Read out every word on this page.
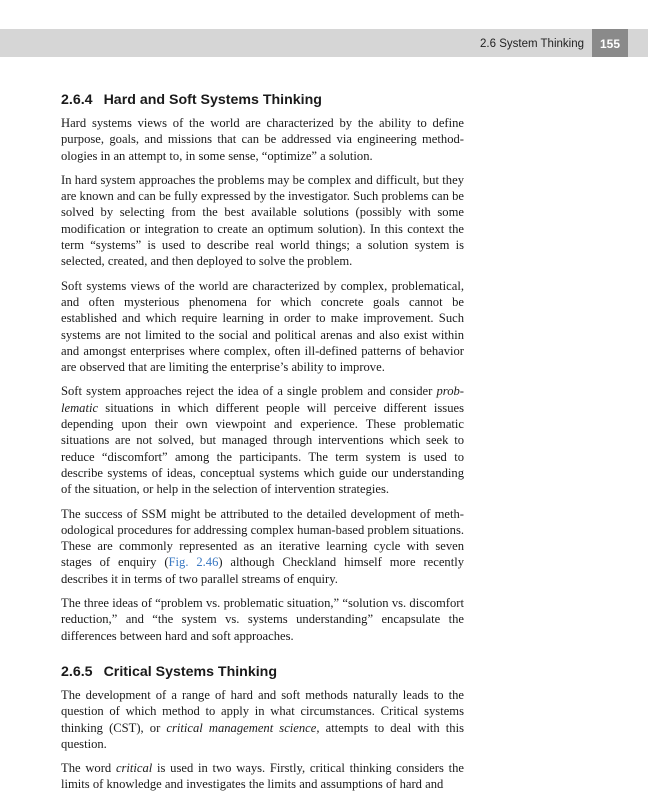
2.6 System Thinking	155
2.6.4 Hard and Soft Systems Thinking

Hard systems views of the world are characterized by the ability to define purpose, goals, and missions that can be addressed via engineering methodologies in an attempt to, in some sense, “optimize” a solution.

In hard system approaches the problems may be complex and difficult, but they are known and can be fully expressed by the investigator. Such problems can be solved by selecting from the best available solutions (possibly with some modification or integration to create an optimum solution). In this context the term “systems” is used to describe real world things; a solution system is selected, created, and then deployed to solve the problem.

Soft systems views of the world are characterized by complex, problematical, and often mysterious phenomena for which concrete goals cannot be established and which require learning in order to make improvement. Such systems are not limited to the social and political arenas and also exist within and amongst enterprises where complex, often ill-defined patterns of behavior are observed that are limiting the enterprise’s ability to improve.

Soft system approaches reject the idea of a single problem and consider problematic situations in which different people will perceive different issues depending upon their own viewpoint and experience. These problematic situations are not solved, but managed through interventions which seek to reduce “discomfort” among the participants. The term system is used to describe systems of ideas, conceptual systems which guide our understanding of the situation, or help in the selection of intervention strategies.

The success of SSM might be attributed to the detailed development of methodological procedures for addressing complex human-based problem situations. These are commonly represented as an iterative learning cycle with seven stages of enquiry (Fig. 2.46) although Checkland himself more recently describes it in terms of two parallel streams of enquiry.

The three ideas of “problem vs. problematic situation,” “solution vs. discomfort reduction,” and “the system vs. systems understanding” encapsulate the differences between hard and soft approaches.

2.6.5 Critical Systems Thinking

The development of a range of hard and soft methods naturally leads to the question of which method to apply in what circumstances. Critical systems thinking (CST), or critical management science, attempts to deal with this question.

The word critical is used in two ways. Firstly, critical thinking considers the limits of knowledge and investigates the limits and assumptions of hard and
